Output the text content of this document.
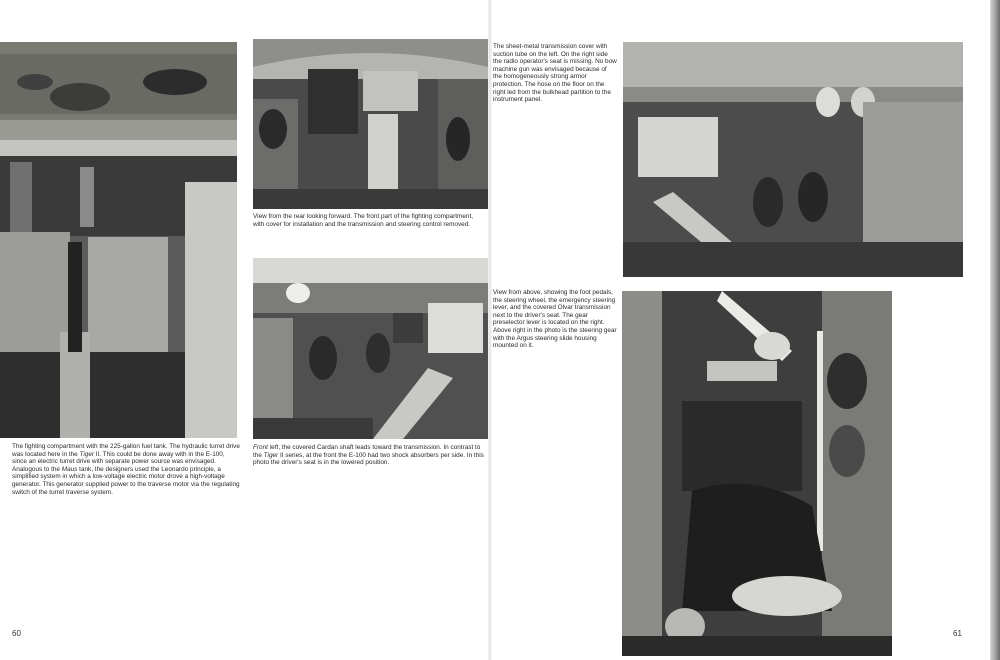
The fighting compartment with the 225-gallon fuel tank. The hydraulic turret drive was located here in the Tiger II. This could be done away with in the E-100, since an electric turret drive with separate power source was envisaged. Analogous to the Maus tank, the designers used the Leonardo principle, a simplified system in which a low-voltage electric motor drove a high-voltage generator. This generator supplied power to the traverse motor via the regulating switch of the turret traverse system.

View from the rear looking forward. The front part of the fighting compartment, with cover for installation and the transmission and steering control removed.

Front left, the covered Cardan shaft leads toward the transmission. In contrast to the Tiger II series, at the front the E-100 had two shock absorbers per side. In this photo the driver's seat is in the lowered position.

60

The sheet-metal transmission cover with suction tube on the left. On the right side the radio operator's seat is missing. No bow machine gun was envisaged because of the homogeneously strong armor protection. The hose on the floor on the right led from the bulkhead partition to the instrument panel.

View from above, showing the foot pedals, the steering wheel, the emergency steering lever, and the covered Olvar transmission next to the driver's seat. The gear preselector lever is located on the right. Above right in the photo is the steering gear with the Argus steering slide housing mounted on it.

61
